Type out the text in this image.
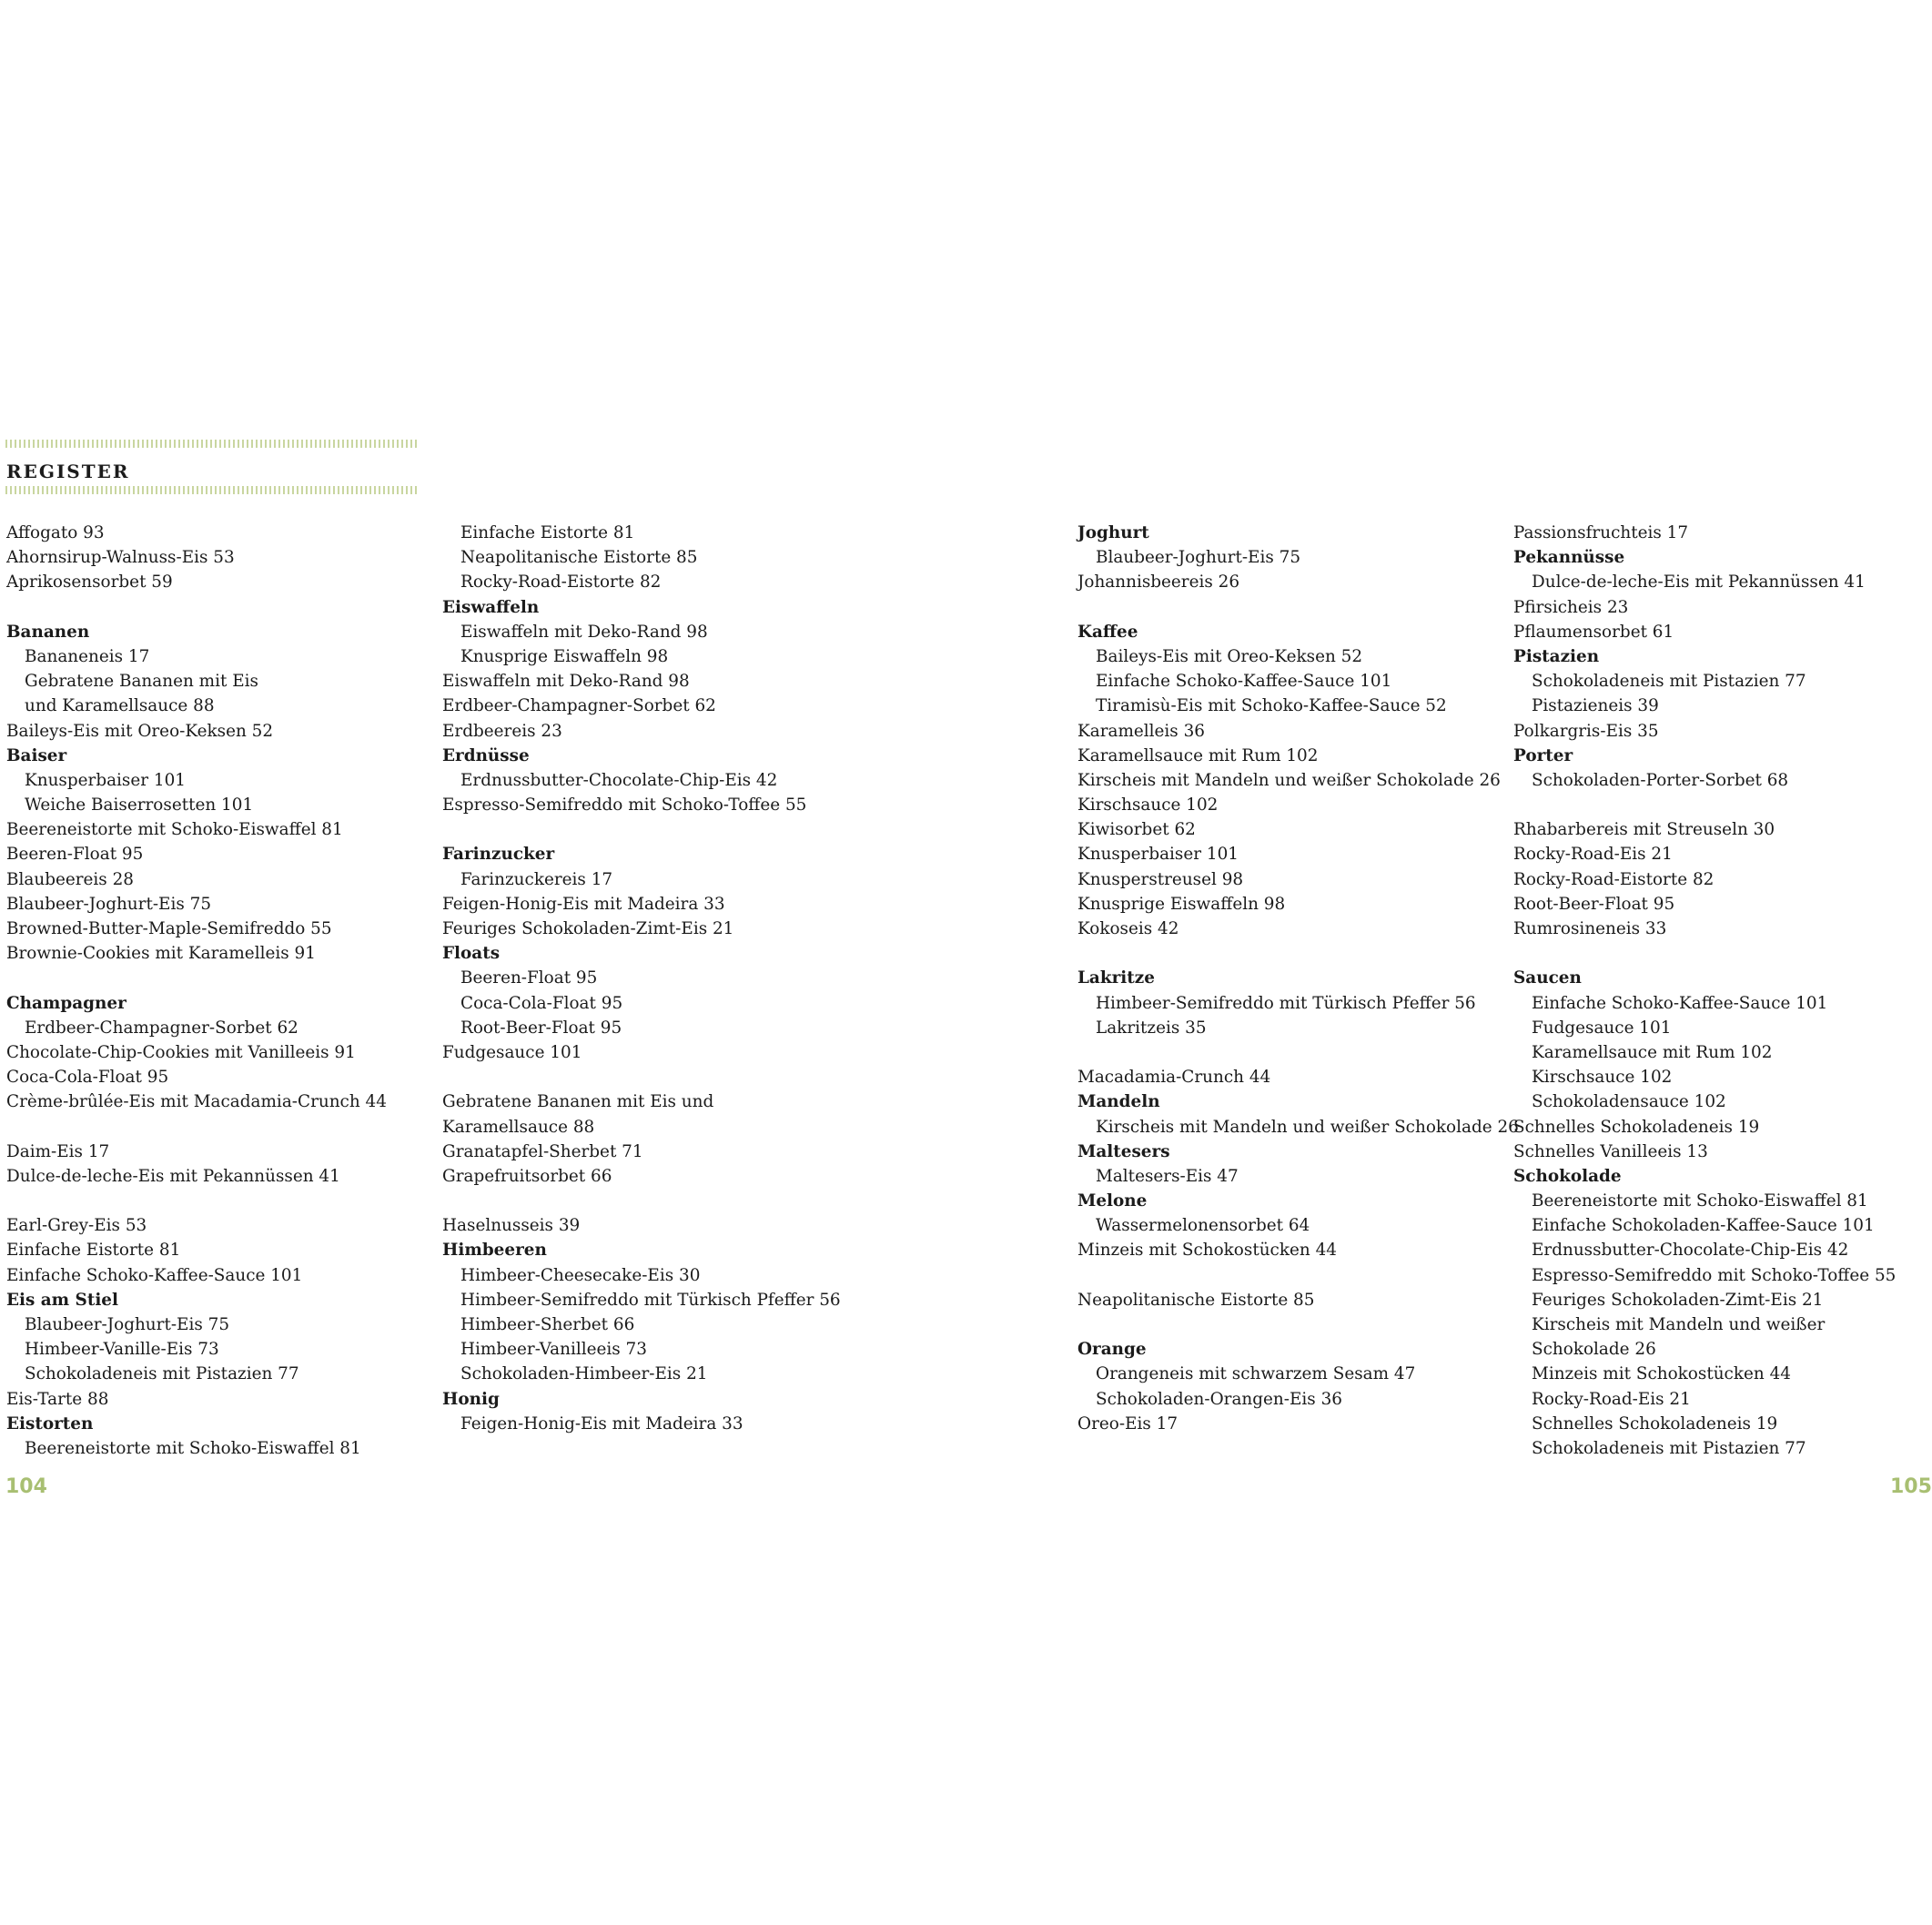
REGISTER
Affogato 93
Ahornsirup-Walnuss-Eis 53
Aprikosensorbet 59
Bananen
Bananeneis 17
Gebratene Bananen mit Eis
und Karamellsauce 88
Baileys-Eis mit Oreo-Keksen 52
Baiser
Knusperbaiser 101
Weiche Baiserrosetten 101
Beereneistorte mit Schoko-Eiswaffel 81
Beeren-Float 95
Blaubeereis 28
Blaubeer-Joghurt-Eis 75
Browned-Butter-Maple-Semifreddo 55
Brownie-Cookies mit Karamelleis 91
Champagner
Erdbeer-Champagner-Sorbet 62
Chocolate-Chip-Cookies mit Vanilleeis 91
Coca-Cola-Float 95
Crème-brûlée-Eis mit Macadamia-Crunch 44
Daim-Eis 17
Dulce-de-leche-Eis mit Pekannüssen 41
Earl-Grey-Eis 53
Einfache Eistorte 81
Einfache Schoko-Kaffee-Sauce 101
Eis am Stiel
Blaubeer-Joghurt-Eis 75
Himbeer-Vanille-Eis 73
Schokoladeneis mit Pistazien 77
Eis-Tarte 88
Eistorten
Beereneistorte mit Schoko-Eiswaffel 81
Einfache Eistorte 81
Neapolitanische Eistorte 85
Rocky-Road-Eistorte 82
Eiswaffeln
Eiswaffeln mit Deko-Rand 98
Knusprige Eiswaffeln 98
Eiswaffeln mit Deko-Rand 98
Erdbeer-Champagner-Sorbet 62
Erdbeereis 23
Erdnüsse
Erdnussbutter-Chocolate-Chip-Eis 42
Espresso-Semifreddo mit Schoko-Toffee 55
Farinzucker
Farinzuckereis 17
Feigen-Honig-Eis mit Madeira 33
Feuriges Schokoladen-Zimt-Eis 21
Floats
Beeren-Float 95
Coca-Cola-Float 95
Root-Beer-Float 95
Fudgesauce 101
Gebratene Bananen mit Eis und
Karamellsauce 88
Granatapfel-Sherbet 71
Grapefruitsorbet 66
Haselnusseis 39
Himbeeren
Himbeer-Cheesecake-Eis 30
Himbeer-Semifreddo mit Türkisch Pfeffer 56
Himbeer-Sherbet 66
Himbeer-Vanilleeis 73
Schokoladen-Himbeer-Eis 21
Honig
Feigen-Honig-Eis mit Madeira 33
Joghurt
Blaubeer-Joghurt-Eis 75
Johannisbeereis 26
Kaffee
Baileys-Eis mit Oreo-Keksen 52
Einfache Schoko-Kaffee-Sauce 101
Tiramisù-Eis mit Schoko-Kaffee-Sauce 52
Karamelleis 36
Karamellsauce mit Rum 102
Kirscheis mit Mandeln und weißer Schokolade 26
Kirschsauce 102
Kiwisorbet 62
Knusperbaiser 101
Knusperstreusel 98
Knusprige Eiswaffeln 98
Kokoseis 42
Lakritze
Himbeer-Semifreddo mit Türkisch Pfeffer 56
Lakritzeis 35
Macadamia-Crunch 44
Mandeln
Kirscheis mit Mandeln und weißer Schokolade 26
Maltesers
Maltesers-Eis 47
Melone
Wassermelonensorbet 64
Minzeis mit Schokostücken 44
Neapolitanische Eistorte 85
Orange
Orangeneis mit schwarzem Sesam 47
Schokoladen-Orangen-Eis 36
Oreo-Eis 17
Passionsfruchteis 17
Pekannüsse
Dulce-de-leche-Eis mit Pekannüssen 41
Pfirsicheis 23
Pflaumensorbet 61
Pistazien
Schokoladeneis mit Pistazien 77
Pistazieneis 39
Polkargris-Eis 35
Porter
Schokoladen-Porter-Sorbet 68
Rhabarbereis mit Streuseln 30
Rocky-Road-Eis 21
Rocky-Road-Eistorte 82
Root-Beer-Float 95
Rumrosineneis 33
Saucen
Einfache Schoko-Kaffee-Sauce 101
Fudgesauce 101
Karamellsauce mit Rum 102
Kirschsauce 102
Schokoladensauce 102
Schnelles Schokoladeneis 19
Schnelles Vanilleeis 13
Schokolade
Beereneistorte mit Schoko-Eiswaffel 81
Einfache Schokoladen-Kaffee-Sauce 101
Erdnussbutter-Chocolate-Chip-Eis 42
Espresso-Semifreddo mit Schoko-Toffee 55
Feuriges Schokoladen-Zimt-Eis 21
Kirscheis mit Mandeln und weißer
Schokolade 26
Minzeis mit Schokostücken 44
Rocky-Road-Eis 21
Schnelles Schokoladeneis 19
Schokoladeneis mit Pistazien 77
104	105
